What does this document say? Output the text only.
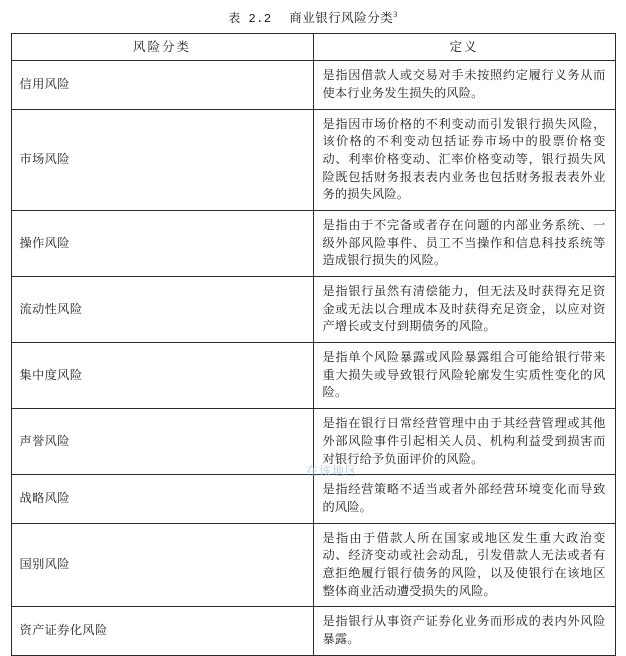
表 2.2 商业银行风险分类$^3$
风险分类	定义
信用风险	是指因借款人或交易对手未按照约定履行义务从而使本行业务发生损失的风险。
市场风险	是指因市场价格的不利变动而引发银行损失风险，该价格的不利变动包括证券市场中的股票价格变动、利率价格变动、汇率价格变动等，银行损失风险既包括财务报表表内业务也包括财务报表表外业务的损失风险。
操作风险	是指由于不完备或者存在问题的内部业务系统、一级外部风险事件、员工不当操作和信息科技系统等造成银行损失的风险。
流动性风险	是指银行虽然有清偿能力，但无法及时获得充足资金或无法以合理成本及时获得充足资金，以应对资产增长或支付到期债务的风险。
集中度风险	是指单个风险暴露或风险暴露组合可能给银行带来重大损失或导致银行风险轮廓发生实质性变化的风险。
声誉风险	是指在银行日常经营管理中由于其经营管理或其他外部风险事件引起相关人员、机构利益受到损害而对银行给予负面评价的风险。
战略风险	是指经营策略不适当或者外部经营环境变化而导致的风险。
国别风险	是指由于借款人所在国家或地区发生重大政治变动、经济变动或社会动乱，引发借款人无法或者有意拒绝履行银行债务的风险，以及使银行在该地区整体商业活动遭受损失的风险。
资产证券化风险	是指银行从事资产证券化业务而形成的表内外风险暴露。
在该地区
